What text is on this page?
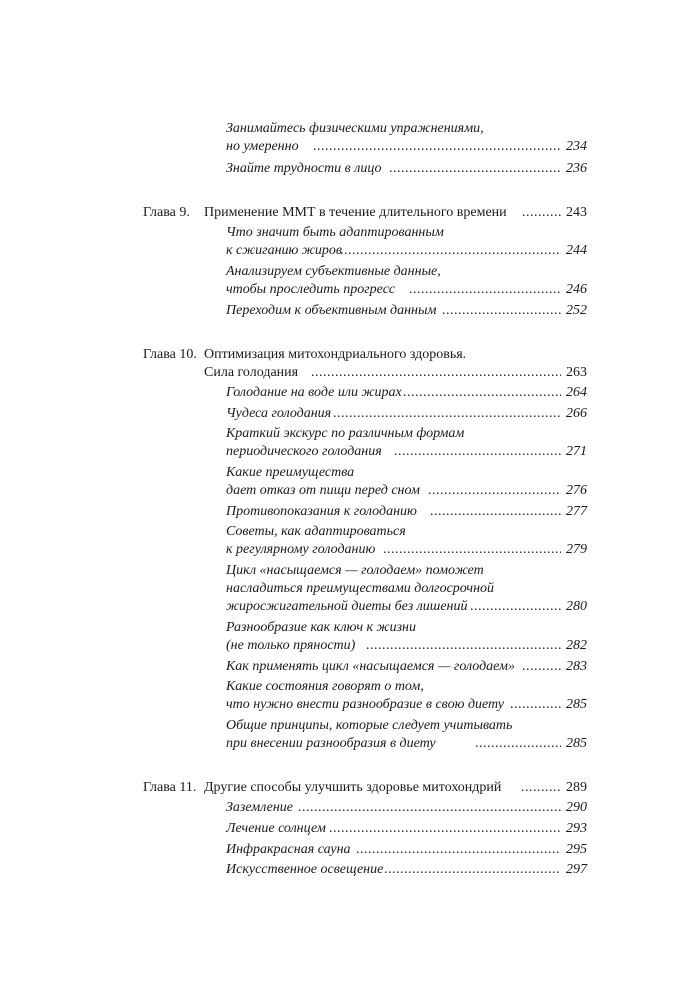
Занимайтесь физическими упражнениями,
но умеренно .....	234
Знайте трудности в лицо .....	236
Глава 9. Применение ММТ в течение длительного времени .....	243
Что значит быть адаптированным
к сжиганию жиров .....	244
Анализируем субъективные данные,
чтобы проследить прогресс .....	246
Переходим к объективным данным .....	252
Глава 10. Оптимизация митохондриального здоровья.
Сила голодания .....	263
Голодание на воде или жирах .....	264
Чудеса голодания .....	266
Краткий экскурс по различным формам
периодического голодания .....	271
Какие преимущества
дает отказ от пищи перед сном .....	276
Противопоказания к голоданию .....	277
Советы, как адаптироваться
к регулярному голоданию .....	279
Цикл «насыщаемся — голодаем» поможет
насладиться преимуществами долгосрочной
жиросжигательной диеты без лишений .....	280
Разнообразие как ключ к жизни
(не только пряности) .....	282
Как применять цикл «насыщаемся — голодаем» .....	283
Какие состояния говорят о том,
что нужно внести разнообразие в свою диету .....	285
Общие принципы, которые следует учитывать
при внесении разнообразия в диету .....	285
Глава 11. Другие способы улучшить здоровье митохондрий .....	289
Заземление .....	290
Лечение солнцем .....	293
Инфракрасная сауна .....	295
Искусственное освещение .....	297
